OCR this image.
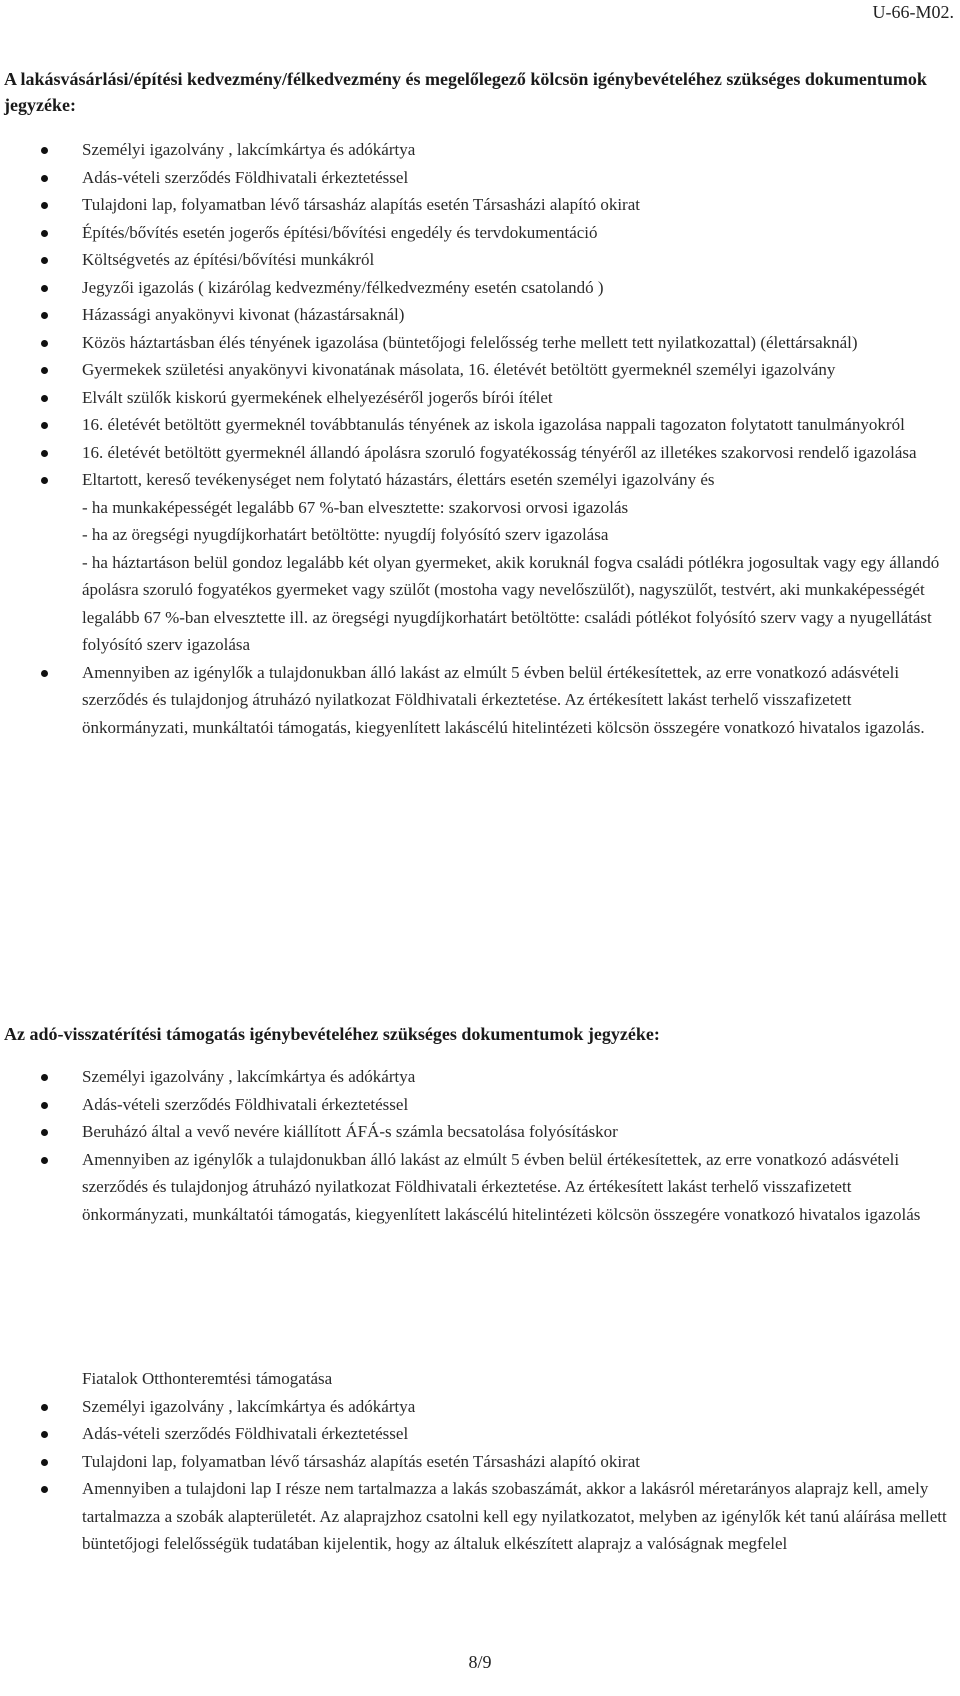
U-66-M02.
A lakásvásárlási/építési kedvezmény/félkedvezmény és megelőlegező kölcsön igénybevételéhez szükséges dokumentumok jegyzéke:
Személyi igazolvány , lakcímkártya és adókártya
Adás-vételi szerződés Földhivatali érkeztetéssel
Tulajdoni lap, folyamatban lévő társasház alapítás esetén Társasházi alapító okirat
Építés/bővítés esetén jogerős építési/bővítési engedély és tervdokumentáció
Költségvetés az építési/bővítési munkákról
Jegyzői igazolás ( kizárólag kedvezmény/félkedvezmény esetén csatolandó )
Házassági anyakönyvi kivonat (házastársaknál)
Közös háztartásban élés tényének igazolása (büntetőjogi felelősség terhe mellett tett nyilatkozattal) (élettársaknál)
Gyermekek születési anyakönyvi kivonatának másolata, 16. életévét betöltött gyermeknél személyi igazolvány
Elvált szülők kiskorú gyermekének elhelyezéséről jogerős bírói ítélet
16. életévét betöltött gyermeknél továbbtanulás tényének az iskola igazolása nappali tagozaton folytatott tanulmányokról
16. életévét betöltött gyermeknél állandó ápolásra szoruló fogyatékosság tényéről az illetékes szakorvosi rendelő igazolása
Eltartott, kereső tevékenységet nem folytató házastárs, élettárs esetén személyi igazolvány és
- ha munkaképességét legalább 67 %-ban elvesztette: szakorvosi orvosi igazolás
- ha az öregségi nyugdíjkorhatárt betöltötte: nyugdíj folyósító szerv igazolása
- ha háztartáson belül gondoz legalább két olyan gyermeket, akik koruknál fogva családi pótlékra jogosultak vagy egy állandó ápolásra szoruló fogyatékos gyermeket vagy szülőt (mostoha vagy nevelőszülőt), nagyszülőt, testvért, aki munkaképességét legalább 67 %-ban elvesztette ill. az öregségi nyugdíjkorhatárt betöltötte: családi pótlékot folyósító szerv vagy a nyugellátást folyósító szerv igazolása
Amennyiben az igénylők a tulajdonukban álló lakást az elmúlt 5 évben belül értékesítettek, az erre vonatkozó adásvételi szerződés és tulajdonjog átruházó nyilatkozat Földhivatali érkeztetése. Az értékesített lakást terhelő visszafizetett önkormányzati, munkáltatói támogatás, kiegyenlített lakáscélú hitelintézeti kölcsön összegére vonatkozó hivatalos igazolás.
Az adó-visszatérítési támogatás igénybevételéhez szükséges dokumentumok jegyzéke:
Személyi igazolvány , lakcímkártya és adókártya
Adás-vételi szerződés Földhivatali érkeztetéssel
Beruházó által a vevő nevére kiállított ÁFÁ-s számla becsatolása folyósításkor
Amennyiben az igénylők a tulajdonukban álló lakást az elmúlt 5 évben belül értékesítettek, az erre vonatkozó adásvételi szerződés és tulajdonjog átruházó nyilatkozat Földhivatali érkeztetése. Az értékesített lakást terhelő visszafizetett önkormányzati, munkáltatói támogatás, kiegyenlített lakáscélú hitelintézeti kölcsön összegére vonatkozó hivatalos igazolás
Fiatalok Otthonteremtési támogatása
Személyi igazolvány , lakcímkártya és adókártya
Adás-vételi szerződés Földhivatali érkeztetéssel
Tulajdoni lap, folyamatban lévő társasház alapítás esetén Társasházi alapító okirat
Amennyiben a tulajdoni lap I része nem tartalmazza a lakás szobaszámát, akkor a lakásról méretarányos alaprajz kell, amely tartalmazza a szobák alapterületét. Az alaprajzhoz csatolni kell egy nyilatkozatot, melyben az igénylők két tanú aláírása mellett büntetőjogi felelősségük tudatában kijelentik, hogy az általuk elkészített alaprajz a valóságnak megfelel
8/9
